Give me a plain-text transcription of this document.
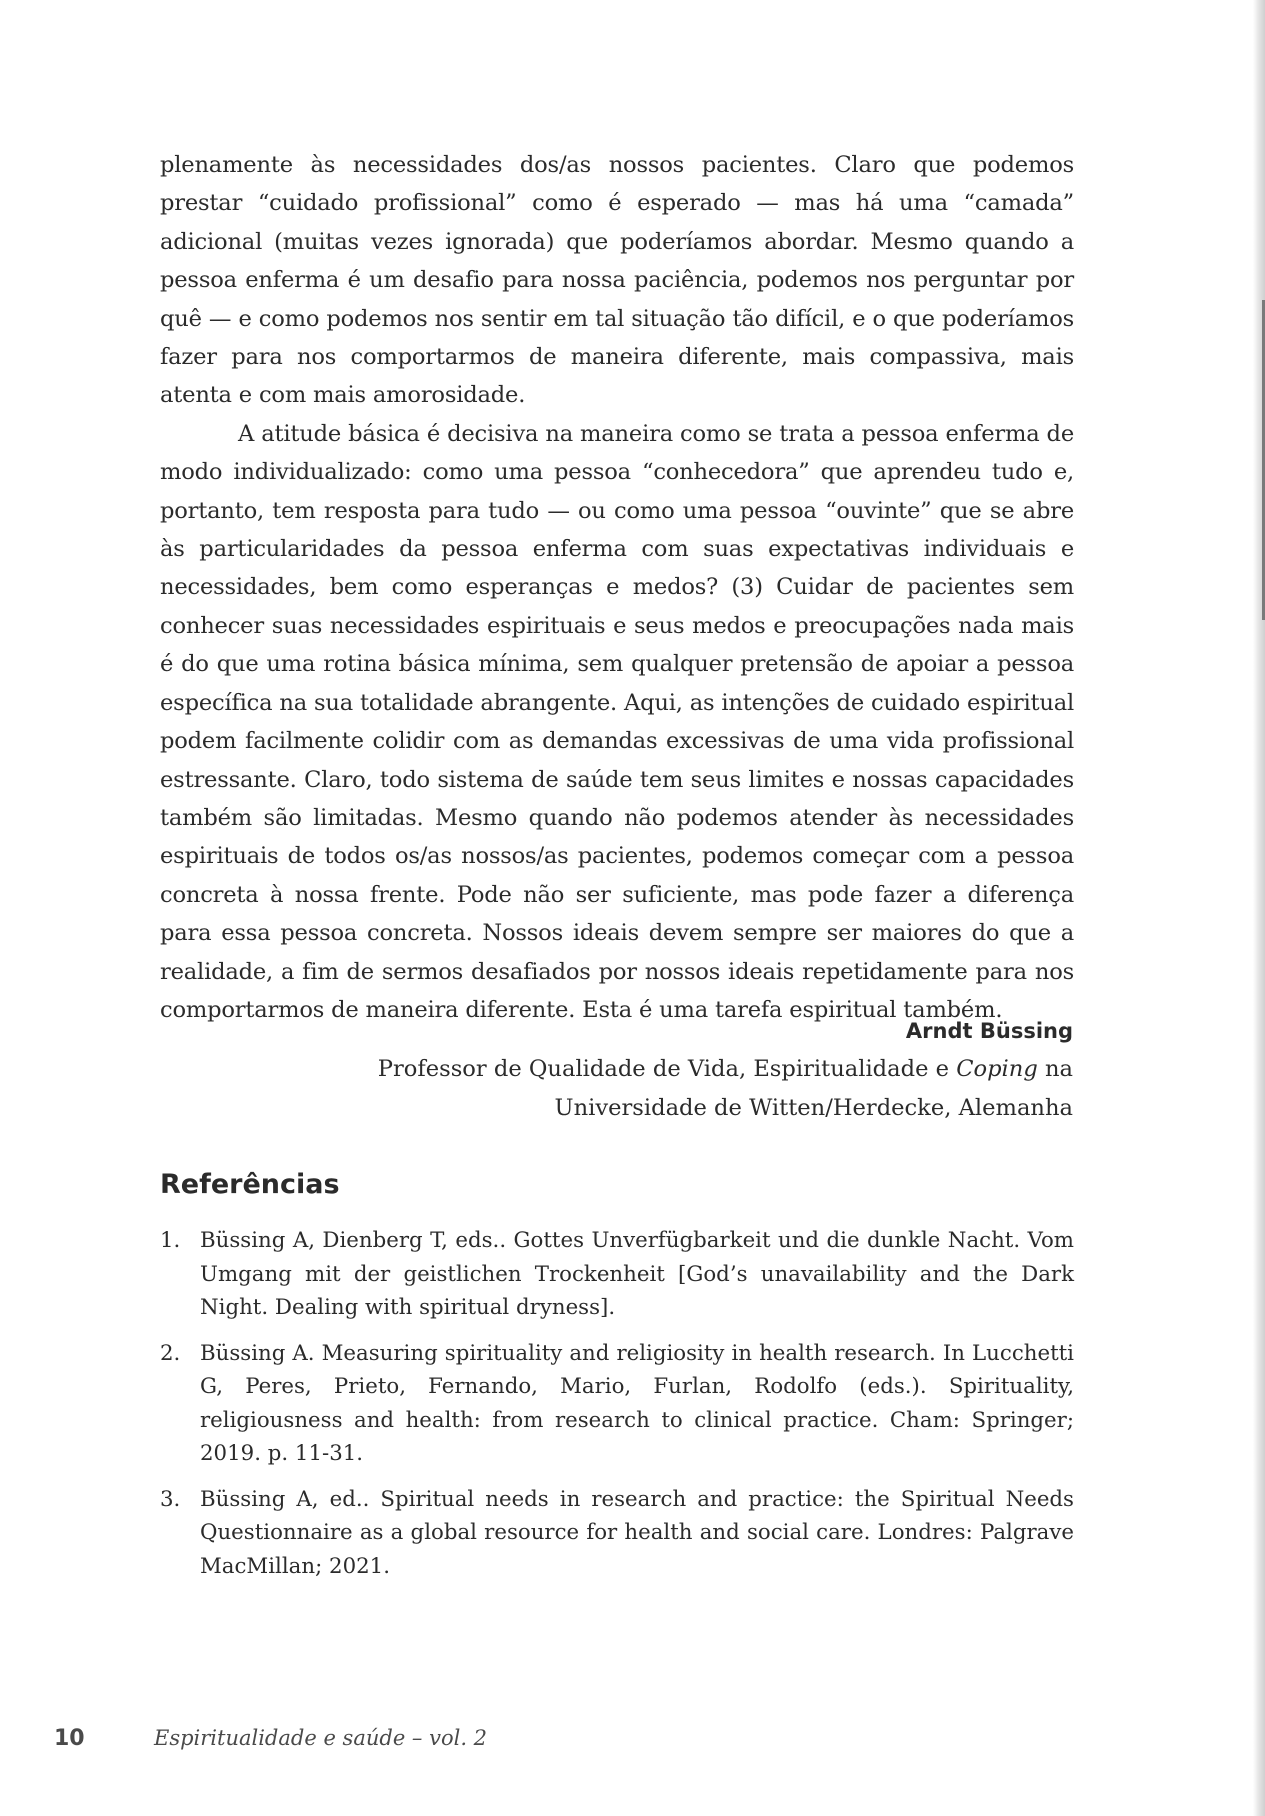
plenamente às necessidades dos/as nossos pacientes. Claro que podemos prestar “cuidado profissional” como é esperado — mas há uma “camada” adicional (muitas vezes ignorada) que poderíamos abordar. Mesmo quando a pessoa enferma é um desafio para nossa paciência, podemos nos perguntar por quê — e como podemos nos sentir em tal situação tão difícil, e o que poderíamos fazer para nos comportarmos de maneira diferente, mais compassiva, mais atenta e com mais amorosidade.

A atitude básica é decisiva na maneira como se trata a pessoa enferma de modo individualizado: como uma pessoa “conhecedora” que aprendeu tudo e, portanto, tem resposta para tudo — ou como uma pessoa “ouvinte” que se abre às particularidades da pessoa enferma com suas expectativas individuais e necessidades, bem como esperanças e medos? (3) Cuidar de pacientes sem conhecer suas necessidades espirituais e seus medos e preocupações nada mais é do que uma rotina básica mínima, sem qualquer pretensão de apoiar a pessoa específica na sua totalidade abrangente. Aqui, as intenções de cuidado espiritual podem facilmente colidir com as demandas excessivas de uma vida profissional estressante. Claro, todo sistema de saúde tem seus limites e nossas capacidades também são limitadas. Mesmo quando não podemos atender às necessidades espirituais de todos os/as nossos/as pacientes, podemos começar com a pessoa concreta à nossa frente. Pode não ser suficiente, mas pode fazer a diferença para essa pessoa concreta. Nossos ideais devem sempre ser maiores do que a realidade, a fim de sermos desafiados por nossos ideais repetidamente para nos comportarmos de maneira diferente. Esta é uma tarefa espiritual também.

Arndt Büssing
Professor de Qualidade de Vida, Espiritualidade e Coping na
Universidade de Witten/Herdecke, Alemanha
Referências
1. Büssing A, Dienberg T, eds.. Gottes Unverfügbarkeit und die dunkle Nacht. Vom Umgang mit der geistlichen Trockenheit [God’s unavailability and the Dark Night. Dealing with spiritual dryness].
2. Büssing A. Measuring spirituality and religiosity in health research. In Lucchetti G, Peres, Prieto, Fernando, Mario, Furlan, Rodolfo (eds.). Spirituality, religiousness and health: from research to clinical practice. Cham: Springer; 2019. p. 11-31.
3. Büssing A, ed.. Spiritual needs in research and practice: the Spiritual Needs Questionnaire as a global resource for health and social care. Londres: Palgrave MacMillan; 2021.
10	Espiritualidade e saúde – vol. 2
